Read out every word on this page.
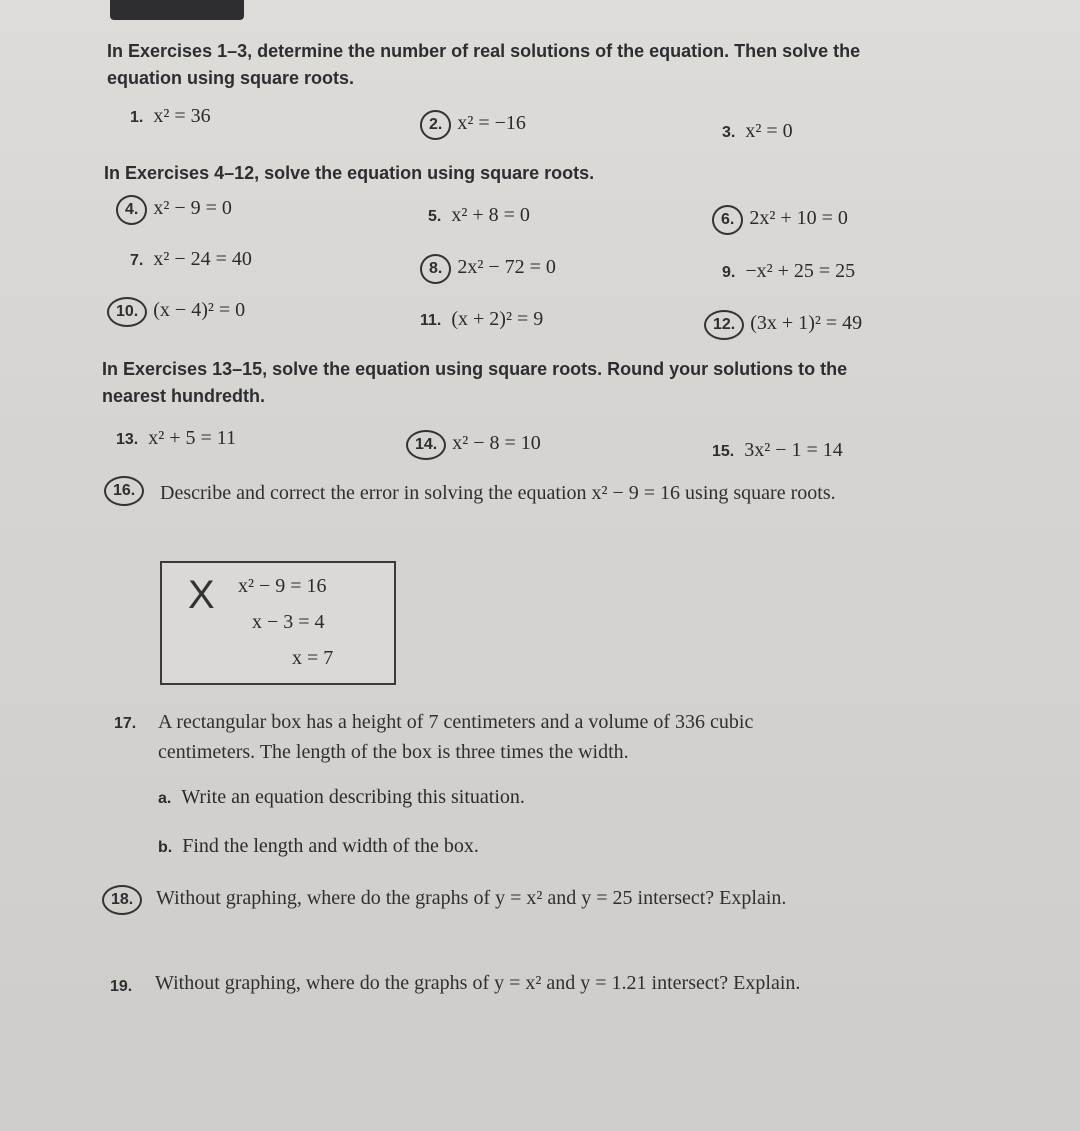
In Exercises 1–3, determine the number of real solutions of the equation. Then solve the equation using square roots.

1. x² = 36	2. x² = −16	3. x² = 0

In Exercises 4–12, solve the equation using square roots.

4. x² − 9 = 0	5. x² + 8 = 0	6. 2x² + 10 = 0
7. x² − 24 = 40	8. 2x² − 72 = 0	9. −x² + 25 = 25
10. (x − 4)² = 0	11. (x + 2)² = 9	12. (3x + 1)² = 49

In Exercises 13–15, solve the equation using square roots. Round your solutions to the nearest hundredth.

13. x² + 5 = 11	14. x² − 8 = 10	15. 3x² − 1 = 14
16.	Describe and correct the error in solving the equation x² − 9 = 16 using square roots.

X x² − 9 = 16
x − 3 = 4
x = 7
17.	A rectangular box has a height of 7 centimeters and a volume of 336 cubic centimeters. The length of the box is three times the width.

a. Write an equation describing this situation.
b. Find the length and width of the box.
18.	Without graphing, where do the graphs of y = x² and y = 25 intersect? Explain.

19.	Without graphing, where do the graphs of y = x² and y = 1.21 intersect? Explain.
